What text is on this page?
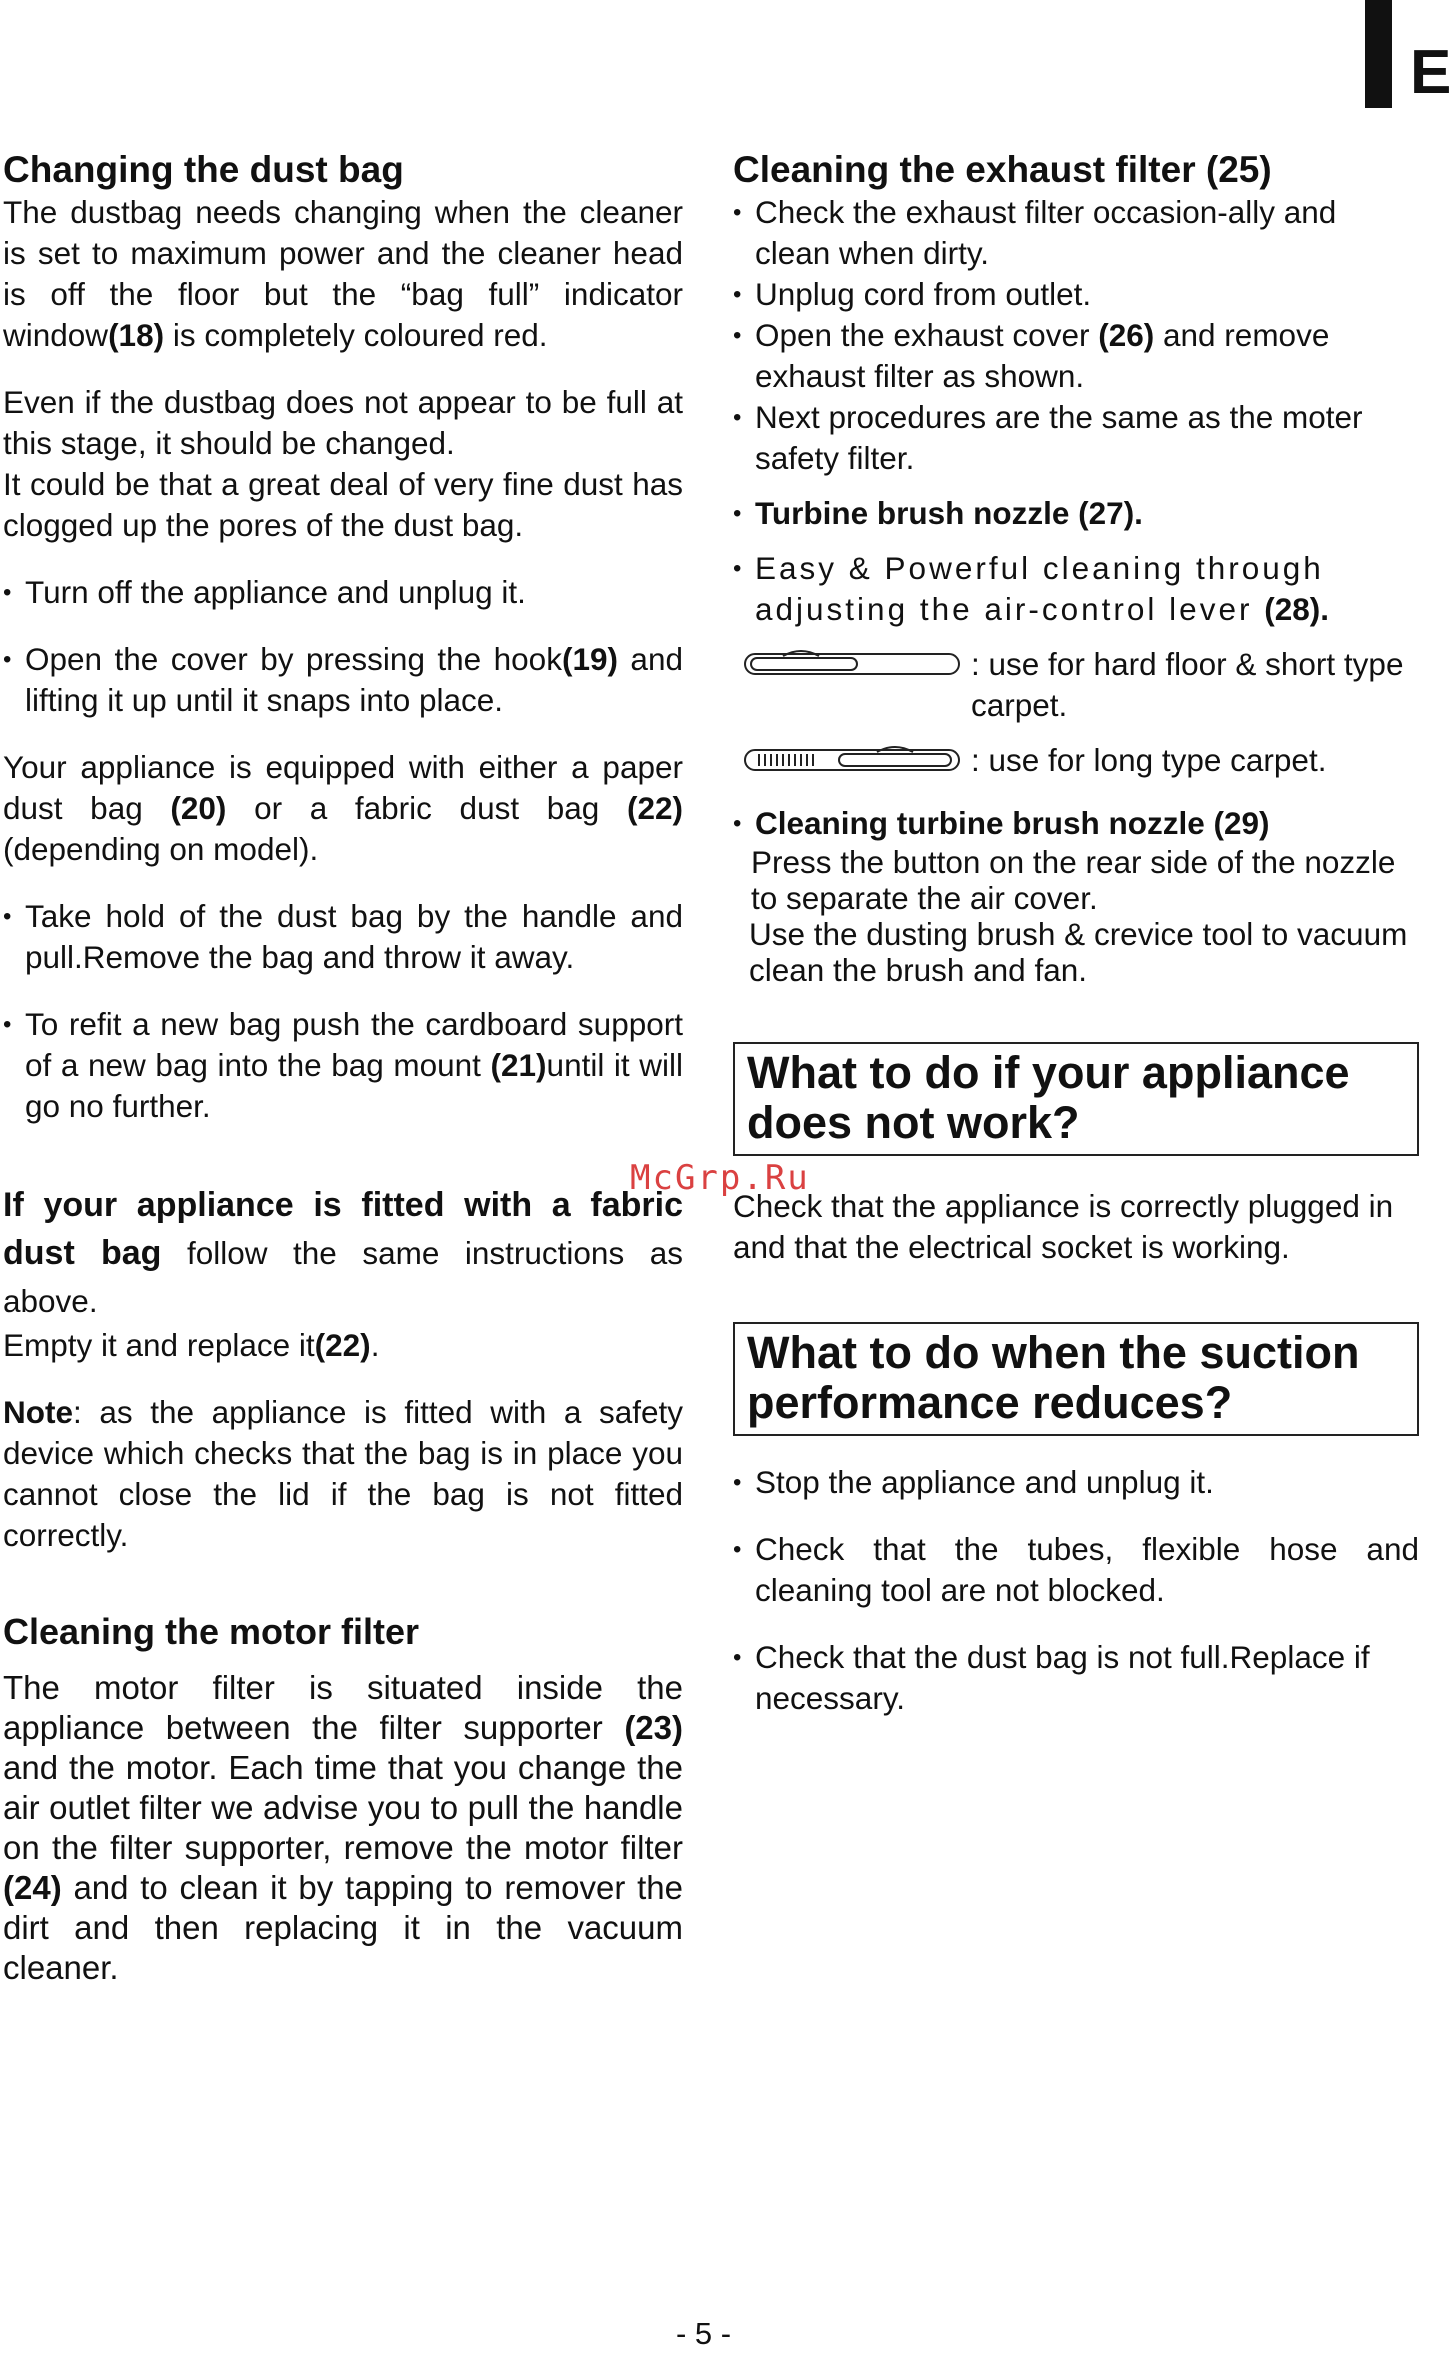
E
Changing the dust bag

The dustbag needs changing when the cleaner is set to maximum power and the cleaner head is off the floor but the “bag full” indicator window(18) is completely coloured red.

Even if the dustbag does not appear to be full at this stage, it should be changed.

It could be that a great deal of very fine dust has clogged up the pores of the dust bag.

• Turn off the appliance and unplug it.
• Open the cover by pressing the hook(19) and lifting it up until it snaps into place.

Your appliance is equipped with either a paper dust bag (20) or a fabric dust bag (22)(depending on model).

• Take hold of the dust bag by the handle and pull.Remove the bag and throw it away.
• To refit a new bag push the cardboard support of a new bag into the bag mount (21)until it will go no further.

If your appliance is fitted with a fabric dust bag follow the same instructions as above.

Empty it and replace it(22).

Note: as the appliance is fitted with a safety device which checks that the bag is in place you cannot close the lid if the bag is not fitted correctly.

Cleaning the motor filter

The motor filter is situated inside the appliance between the filter supporter (23) and the motor. Each time that you change the air outlet filter we advise you to pull the handle on the filter supporter, remove the motor filter (24) and to clean it by tapping to remover the dirt and then replacing it in the vacuum cleaner.

Cleaning the exhaust filter (25)
• Check the exhaust filter occasion-ally and clean when dirty.
• Unplug cord from outlet.
• Open the exhaust cover (26) and remove exhaust filter as shown.
• Next procedures are the same as the moter safety filter.
• Turbine brush nozzle (27).
• Easy & Powerful cleaning through adjusting the air-control lever (28).
: use for hard floor & short type carpet.
: use for long type carpet.
• Cleaning turbine brush nozzle (29)

Press the button on the rear side of the nozzle to separate the air cover.

Use the dusting brush & crevice tool to vacuum clean the brush and fan.

What to do if your appliance does not work?

Check that the appliance is correctly plugged in and that the electrical socket is working.

What to do when the suction performance reduces?
• Stop the appliance and unplug it.
• Check that the tubes, flexible hose and cleaning tool are not blocked.
• Check that the dust bag is not full.Replace if necessary.
McGrp.Ru
- 5 -
